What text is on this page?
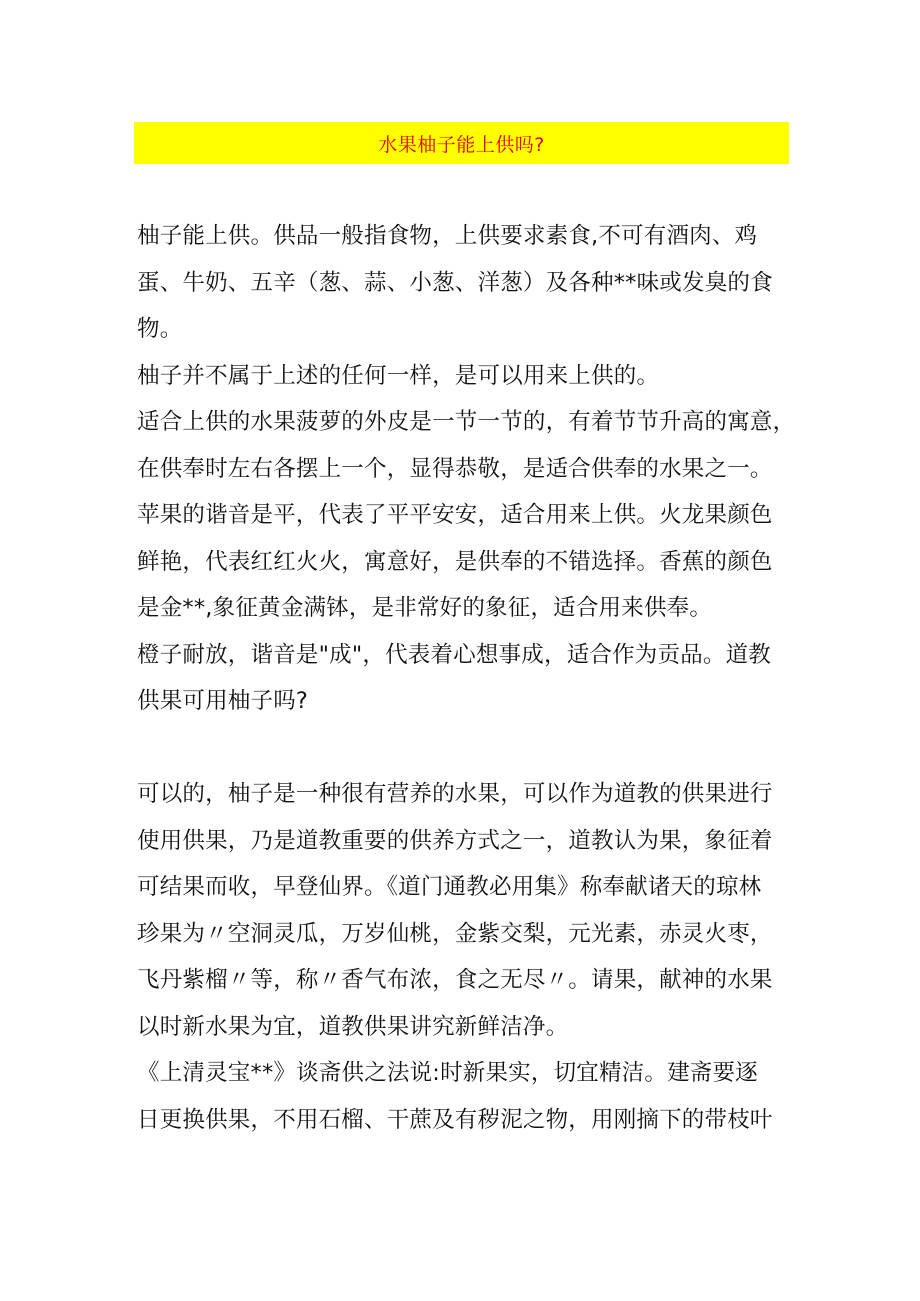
水果柚子能上供吗?
柚子能上供。供品一般指食物，上供要求素食,不可有酒肉、鸡
蛋、牛奶、五辛（葱、蒜、小葱、洋葱）及各种**味或发臭的食
物。
柚子并不属于上述的任何一样，是可以用来上供的。
适合上供的水果菠萝的外皮是一节一节的，有着节节升高的寓意，
在供奉时左右各摆上一个，显得恭敬，是适合供奉的水果之一。
苹果的谐音是平，代表了平平安安，适合用来上供。火龙果颜色
鲜艳，代表红红火火，寓意好，是供奉的不错选择。香蕉的颜色
是金**,象征黄金满钵，是非常好的象征，适合用来供奉。
橙子耐放，谐音是"成"，代表着心想事成，适合作为贡品。道教
供果可用柚子吗?
可以的，柚子是一种很有营养的水果，可以作为道教的供果进行
使用供果，乃是道教重要的供养方式之一，道教认为果，象征着
可结果而收，早登仙界。《道门通教必用集》称奉献诸天的琼林
珍果为〃空洞灵瓜，万岁仙桃，金紫交梨，元光素，赤灵火枣，
飞丹紫榴〃等，称〃香气布浓，食之无尽〃。请果，献神的水果
以时新水果为宜，道教供果讲究新鲜洁净。
《上清灵宝**》谈斋供之法说:时新果实，切宜精洁。建斋要逐
日更换供果，不用石榴、干蔗及有秽泥之物，用刚摘下的带枝叶
